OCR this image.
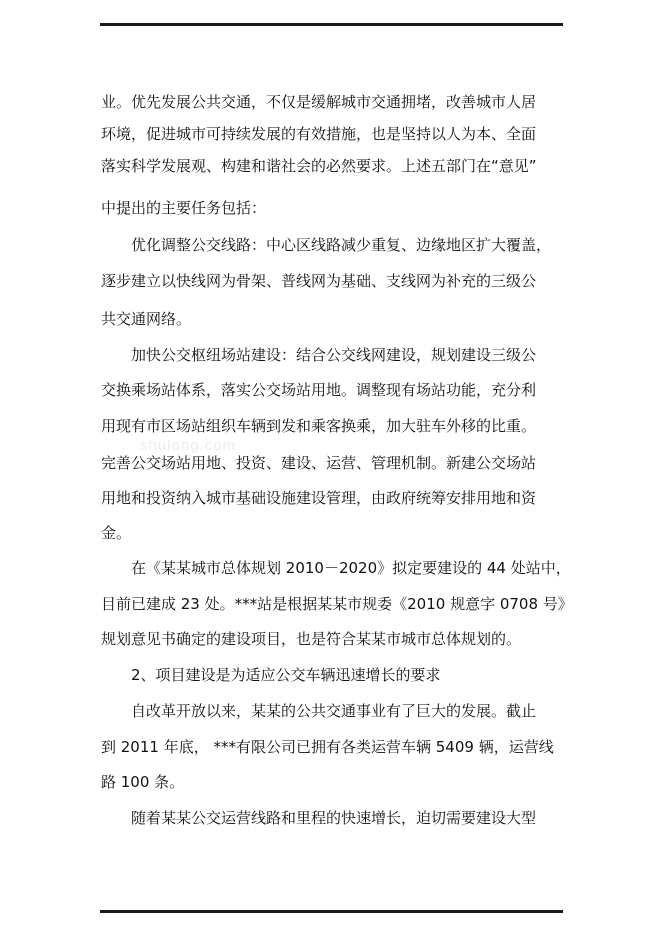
shulong.com
业。优先发展公共交通，不仅是缓解城市交通拥堵，改善城市人居
环境，促进城市可持续发展的有效措施，也是坚持以人为本、全面
落实科学发展观、构建和谐社会的必然要求。上述五部门在“意见”
中提出的主要任务包括：
优化调整公交线路：中心区线路减少重复、边缘地区扩大覆盖，
逐步建立以快线网为骨架、普线网为基础、支线网为补充的三级公
共交通网络。
加快公交枢纽场站建设：结合公交线网建设，规划建设三级公
交换乘场站体系，落实公交场站用地。调整现有场站功能，充分利
用现有市区场站组织车辆到发和乘客换乘，加大驻车外移的比重。
完善公交场站用地、投资、建设、运营、管理机制。新建公交场站
用地和投资纳入城市基础设施建设管理，由政府统筹安排用地和资
金。
在《某某城市总体规划 2010－2020》拟定要建设的 44 处站中，
目前已建成 23 处。***站是根据某某市规委《2010 规意字 0708 号》
规划意见书确定的建设项目，也是符合某某市城市总体规划的。
2、项目建设是为适应公交车辆迅速增长的要求
自改革开放以来，某某的公共交通事业有了巨大的发展。截止
到 2011 年底， ***有限公司已拥有各类运营车辆 5409 辆，运营线
路 100 条。
随着某某公交运营线路和里程的快速增长，迫切需要建设大型
